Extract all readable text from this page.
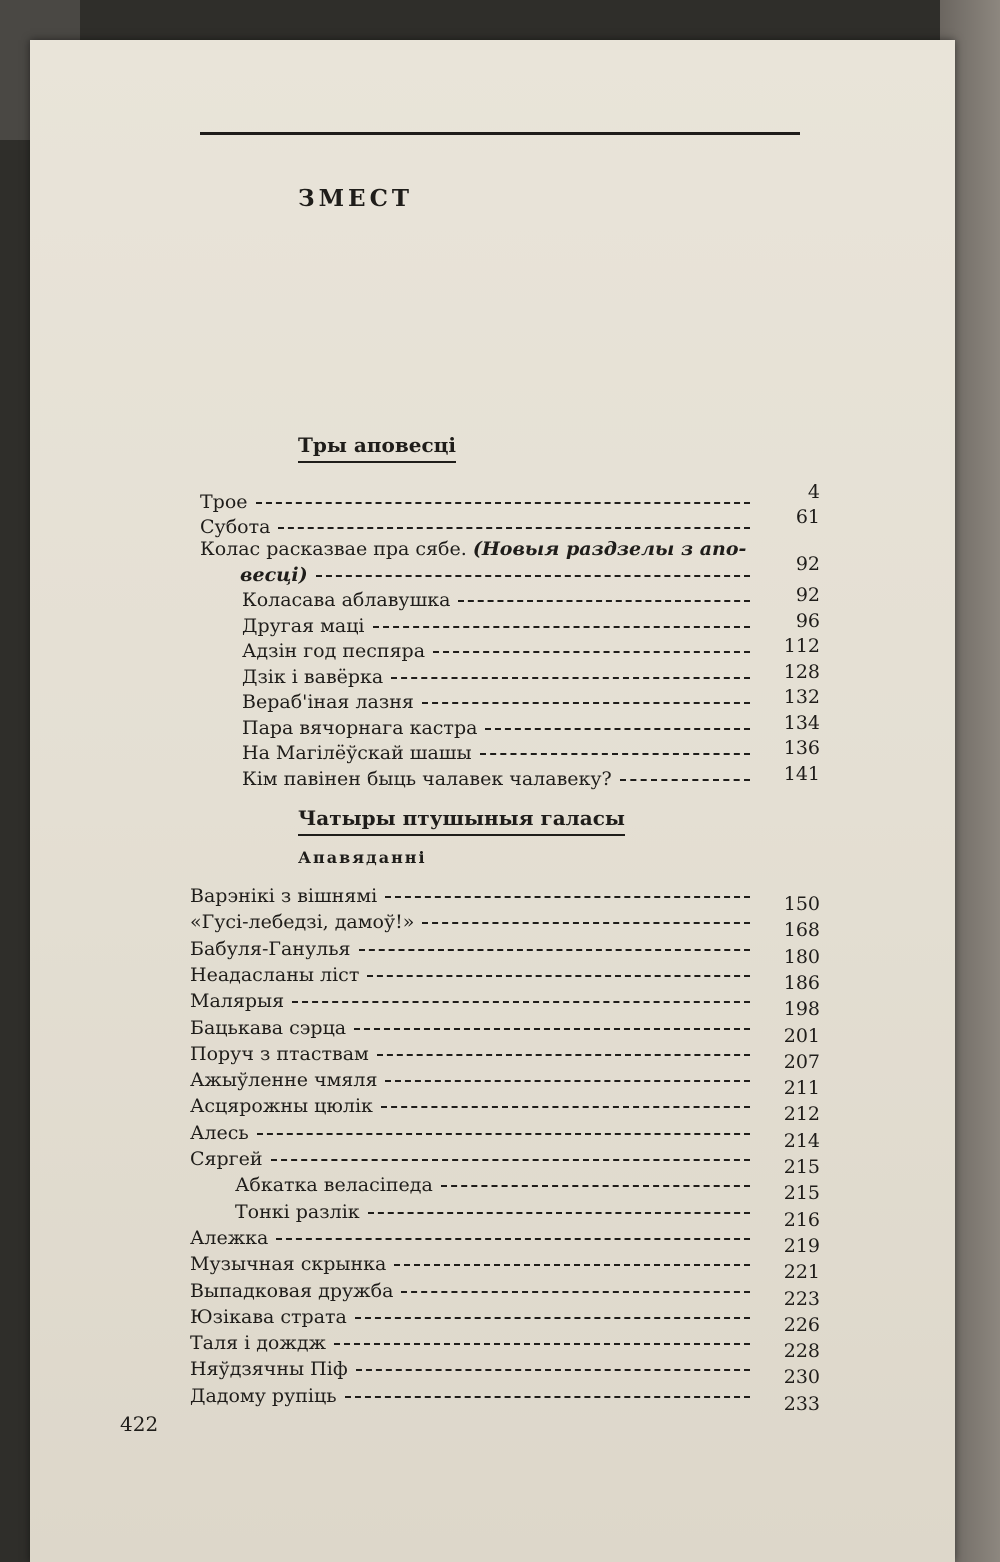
ЗМЕСТ
Тры аповесці
Трое	4
Субота	61
Колас расказвае пра сябе. (Новыя раздзелы з апо-
весці)	92
Коласава аблавушка	92
Другая мацi	96
Адзін год песпяра	112
Дзік і вавёрка	128
Вераб'іная лазня	132
Пара вячорнага кастра	134
На Магілёўскай шашы	136
Кім павінен быць чалавек чалавеку?	141
Чатыры птушыныя галасы
Апавяданні
Варэнікі з вішнямі	150
«Гусі-лебедзі, дамоў!»	168
Бабуля-Ганулья	180
Неадасланы ліст	186
Малярыя	198
Бацькава сэрца	201
Поруч з птаствам	207
Ажыўленне чмяля	211
Асцярожны цюлік	212
Алесь	214
Сяргей	215
Абкатка веласіпеда	215
Тонкі разлік	216
Алежка	219
Музычная скрынка	221
Выпадковая дружба	223
Юзікава страта	226
Таля і дождж	228
Няўдзячны Піф	230
Дадому рупіць	233
422
